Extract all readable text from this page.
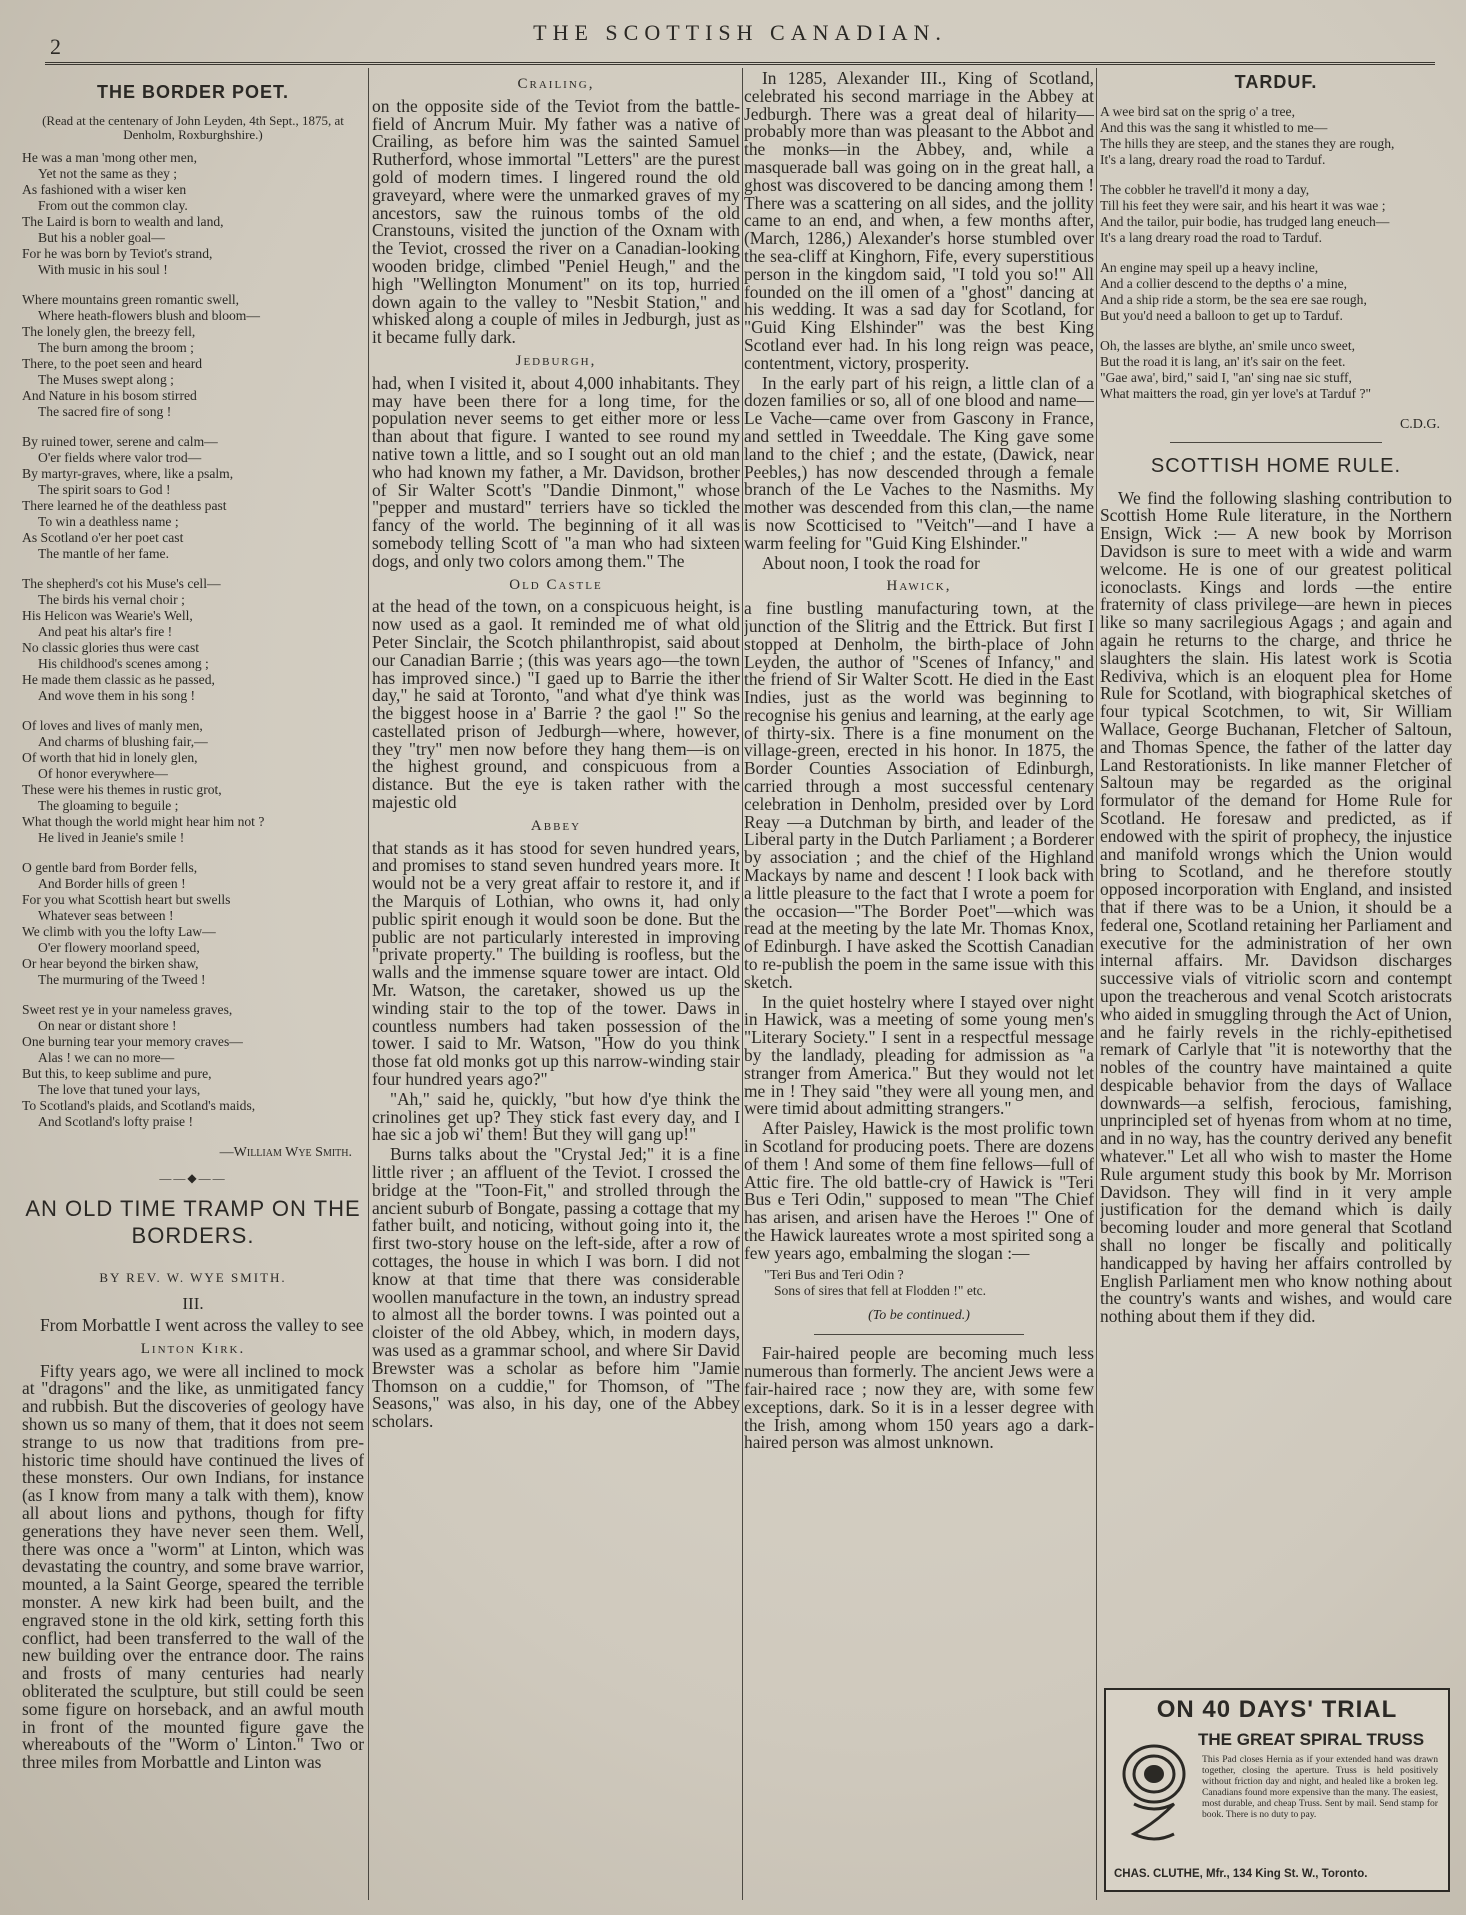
2
THE SCOTTISH CANADIAN.
THE BORDER POET.
(Read at the centenary of John Leyden, 4th Sept., 1875, at Denholm, Roxburghshire.)
He was a man 'mong other men,
Yet not the same as they ;
As fashioned with a wiser ken
From out the common clay.
The Laird is born to wealth and land,
But his a nobler goal—
For he was born by Teviot's strand,
With music in his soul !
Where mountains green romantic swell,
Where heath-flowers blush and bloom—
The lonely glen, the breezy fell,
The burn among the broom ;
There, to the poet seen and heard
The Muses swept along ;
And Nature in his bosom stirred
The sacred fire of song !
By ruined tower, serene and calm—
O'er fields where valor trod—
By martyr-graves, where, like a psalm,
The spirit soars to God !
There learned he of the deathless past
To win a deathless name ;
As Scotland o'er her poet cast
The mantle of her fame.
The shepherd's cot his Muse's cell—
The birds his vernal choir ;
His Helicon was Wearie's Well,
And peat his altar's fire !
No classic glories thus were cast
His childhood's scenes among ;
He made them classic as he passed,
And wove them in his song !
Of loves and lives of manly men,
And charms of blushing fair,—
Of worth that hid in lonely glen,
Of honor everywhere—
These were his themes in rustic grot,
The gloaming to beguile ;
What though the world might hear him not ?
He lived in Jeanie's smile !
O gentle bard from Border fells,
And Border hills of green !
For you what Scottish heart but swells
Whatever seas between !
We climb with you the lofty Law—
O'er flowery moorland speed,
Or hear beyond the birken shaw,
The murmuring of the Tweed !
Sweet rest ye in your nameless graves,
On near or distant shore !
One burning tear your memory craves—
Alas ! we can no more—
But this, to keep sublime and pure,
The love that tuned your lays,
To Scotland's plaids, and Scotland's maids,
And Scotland's lofty praise !
—William Wye Smith.
——◆——
AN OLD TIME TRAMP ON THE BORDERS.
BY REV. W. WYE SMITH.
III.

From Morbattle I went across the valley to see

Linton Kirk.

Fifty years ago, we were all inclined to mock at "dragons" and the like, as unmitigated fancy and rubbish. But the discoveries of geology have shown us so many of them, that it does not seem strange to us now that traditions from pre-historic time should have continued the lives of these monsters. Our own Indians, for instance (as I know from many a talk with them), know all about lions and pythons, though for fifty generations they have never seen them. Well, there was once a "worm" at Linton, which was devastating the country, and some brave warrior, mounted, a la Saint George, speared the terrible monster. A new kirk had been built, and the engraved stone in the old kirk, setting forth this conflict, had been transferred to the wall of the new building over the entrance door. The rains and frosts of many centuries had nearly obliterated the sculpture, but still could be seen some figure on horseback, and an awful mouth in front of the mounted figure gave the whereabouts of the "Worm o' Linton." Two or three miles from Morbattle and Linton was

Crailing,

on the opposite side of the Teviot from the battle-field of Ancrum Muir. My father was a native of Crailing, as before him was the sainted Samuel Rutherford, whose immortal "Letters" are the purest gold of modern times. I lingered round the old graveyard, where were the unmarked graves of my ancestors, saw the ruinous tombs of the old Cranstouns, visited the junction of the Oxnam with the Teviot, crossed the river on a Canadian-looking wooden bridge, climbed "Peniel Heugh," and the high "Wellington Monument" on its top, hurried down again to the valley to "Nesbit Station," and whisked along a couple of miles in Jedburgh, just as it became fully dark.

Jedburgh,

had, when I visited it, about 4,000 inhabitants. They may have been there for a long time, for the population never seems to get either more or less than about that figure. I wanted to see round my native town a little, and so I sought out an old man who had known my father, a Mr. Davidson, brother of Sir Walter Scott's "Dandie Dinmont," whose "pepper and mustard" terriers have so tickled the fancy of the world. The beginning of it all was somebody telling Scott of "a man who had sixteen dogs, and only two colors among them." The

Old Castle

at the head of the town, on a conspicuous height, is now used as a gaol. It reminded me of what old Peter Sinclair, the Scotch philanthropist, said about our Canadian Barrie ; (this was years ago—the town has improved since.) "I gaed up to Barrie the ither day," he said at Toronto, "and what d'ye think was the biggest hoose in a' Barrie ? the gaol !" So the castellated prison of Jedburgh—where, however, they "try" men now before they hang them—is on the highest ground, and conspicuous from a distance. But the eye is taken rather with the majestic old

Abbey

that stands as it has stood for seven hundred years, and promises to stand seven hundred years more. It would not be a very great affair to restore it, and if the Marquis of Lothian, who owns it, had only public spirit enough it would soon be done. But the public are not particularly interested in improving "private property." The building is roofless, but the walls and the immense square tower are intact. Old Mr. Watson, the caretaker, showed us up the winding stair to the top of the tower. Daws in countless numbers had taken possession of the tower. I said to Mr. Watson, "How do you think those fat old monks got up this narrow-winding stair four hundred years ago?"

"Ah," said he, quickly, "but how d'ye think the crinolines get up? They stick fast every day, and I hae sic a job wi' them! But they will gang up!"

Burns talks about the "Crystal Jed;" it is a fine little river ; an affluent of the Teviot. I crossed the bridge at the "Toon-Fit," and strolled through the ancient suburb of Bongate, passing a cottage that my father built, and noticing, without going into it, the first two-story house on the left-side, after a row of cottages, the house in which I was born. I did not know at that time that there was considerable woollen manufacture in the town, an industry spread to almost all the border towns. I was pointed out a cloister of the old Abbey, which, in modern days, was used as a grammar school, and where Sir David Brewster was a scholar as before him "Jamie Thomson on a cuddie," for Thomson, of "The Seasons," was also, in his day, one of the Abbey scholars.

In 1285, Alexander III., King of Scotland, celebrated his second marriage in the Abbey at Jedburgh. There was a great deal of hilarity—probably more than was pleasant to the Abbot and the monks—in the Abbey, and, while a masquerade ball was going on in the great hall, a ghost was discovered to be dancing among them ! There was a scattering on all sides, and the jollity came to an end, and when, a few months after, (March, 1286,) Alexander's horse stumbled over the sea-cliff at Kinghorn, Fife, every superstitious person in the kingdom said, "I told you so!" All founded on the ill omen of a "ghost" dancing at his wedding. It was a sad day for Scotland, for "Guid King Elshinder" was the best King Scotland ever had. In his long reign was peace, contentment, victory, prosperity.

In the early part of his reign, a little clan of a dozen families or so, all of one blood and name—Le Vache—came over from Gascony in France, and settled in Tweeddale. The King gave some land to the chief ; and the estate, (Dawick, near Peebles,) has now descended through a female branch of the Le Vaches to the Nasmiths. My mother was descended from this clan,—the name is now Scotticised to "Veitch"—and I have a warm feeling for "Guid King Elshinder."

About noon, I took the road for

Hawick,

a fine bustling manufacturing town, at the junction of the Slitrig and the Ettrick. But first I stopped at Denholm, the birth-place of John Leyden, the author of "Scenes of Infancy," and the friend of Sir Walter Scott. He died in the East Indies, just as the world was beginning to recognise his genius and learning, at the early age of thirty-six. There is a fine monument on the village-green, erected in his honor. In 1875, the Border Counties Association of Edinburgh, carried through a most successful centenary celebration in Denholm, presided over by Lord Reay —a Dutchman by birth, and leader of the Liberal party in the Dutch Parliament ; a Borderer by association ; and the chief of the Highland Mackays by name and descent ! I look back with a little pleasure to the fact that I wrote a poem for the occasion—"The Border Poet"—which was read at the meeting by the late Mr. Thomas Knox, of Edinburgh. I have asked the Scottish Canadian to re-publish the poem in the same issue with this sketch.

In the quiet hostelry where I stayed over night in Hawick, was a meeting of some young men's "Literary Society." I sent in a respectful message by the landlady, pleading for admission as "a stranger from America." But they would not let me in ! They said "they were all young men, and were timid about admitting strangers."

After Paisley, Hawick is the most prolific town in Scotland for producing poets. There are dozens of them ! And some of them fine fellows—full of Attic fire. The old battle-cry of Hawick is "Teri Bus e Teri Odin," supposed to mean "The Chief has arisen, and arisen have the Heroes !" One of the Hawick laureates wrote a most spirited song a few years ago, embalming the slogan :—

"Teri Bus and Teri Odin ?
Sons of sires that fell at Flodden !" etc.
(To be continued.)

Fair-haired people are becoming much less numerous than formerly. The ancient Jews were a fair-haired race ; now they are, with some few exceptions, dark. So it is in a lesser degree with the Irish, among whom 150 years ago a dark-haired person was almost unknown.

TARDUF.
A wee bird sat on the sprig o' a tree,
And this was the sang it whistled to me—
The hills they are steep, and the stanes they are rough,
It's a lang, dreary road the road to Tarduf.
The cobbler he travell'd it mony a day,
Till his feet they were sair, and his heart it was wae ;
And the tailor, puir bodie, has trudged lang eneuch—
It's a lang dreary road the road to Tarduf.
An engine may speil up a heavy incline,
And a collier descend to the depths o' a mine,
And a ship ride a storm, be the sea ere sae rough,
But you'd need a balloon to get up to Tarduf.
Oh, the lasses are blythe, an' smile unco sweet,
But the road it is lang, an' it's sair on the feet.
"Gae awa', bird," said I, "an' sing nae sic stuff,
What maitters the road, gin yer love's at Tarduf ?"
C.D.G.
SCOTTISH HOME RULE.

We find the following slashing contribution to Scottish Home Rule literature, in the Northern Ensign, Wick :— A new book by Morrison Davidson is sure to meet with a wide and warm welcome. He is one of our greatest political iconoclasts. Kings and lords —the entire fraternity of class privilege—are hewn in pieces like so many sacrilegious Agags ; and again and again he returns to the charge, and thrice he slaughters the slain. His latest work is Scotia Rediviva, which is an eloquent plea for Home Rule for Scotland, with biographical sketches of four typical Scotchmen, to wit, Sir William Wallace, George Buchanan, Fletcher of Saltoun, and Thomas Spence, the father of the latter day Land Restorationists. In like manner Fletcher of Saltoun may be regarded as the original formulator of the demand for Home Rule for Scotland. He foresaw and predicted, as if endowed with the spirit of prophecy, the injustice and manifold wrongs which the Union would bring to Scotland, and he therefore stoutly opposed incorporation with England, and insisted that if there was to be a Union, it should be a federal one, Scotland retaining her Parliament and executive for the administration of her own internal affairs. Mr. Davidson discharges successive vials of vitriolic scorn and contempt upon the treacherous and venal Scotch aristocrats who aided in smuggling through the Act of Union, and he fairly revels in the richly-epithetised remark of Carlyle that "it is noteworthy that the nobles of the country have maintained a quite despicable behavior from the days of Wallace downwards—a selfish, ferocious, famishing, unprincipled set of hyenas from whom at no time, and in no way, has the country derived any benefit whatever." Let all who wish to master the Home Rule argument study this book by Mr. Morrison Davidson. They will find in it very ample justification for the demand which is daily becoming louder and more general that Scotland shall no longer be fiscally and politically handicapped by having her affairs controlled by English Parliament men who know nothing about the country's wants and wishes, and would care nothing about them if they did.

ON 40 DAYS' TRIAL
THE GREAT SPIRAL TRUSS
This Pad closes Hernia as if your extended hand was drawn together, closing the aperture. Truss is held positively without friction day and night, and healed like a broken leg. Canadians found more expensive than the many. The easiest, most durable, and cheap Truss. Sent by mail. Send stamp for book. There is no duty to pay.
CHAS. CLUTHE, Mfr., 134 King St. W., Toronto.
